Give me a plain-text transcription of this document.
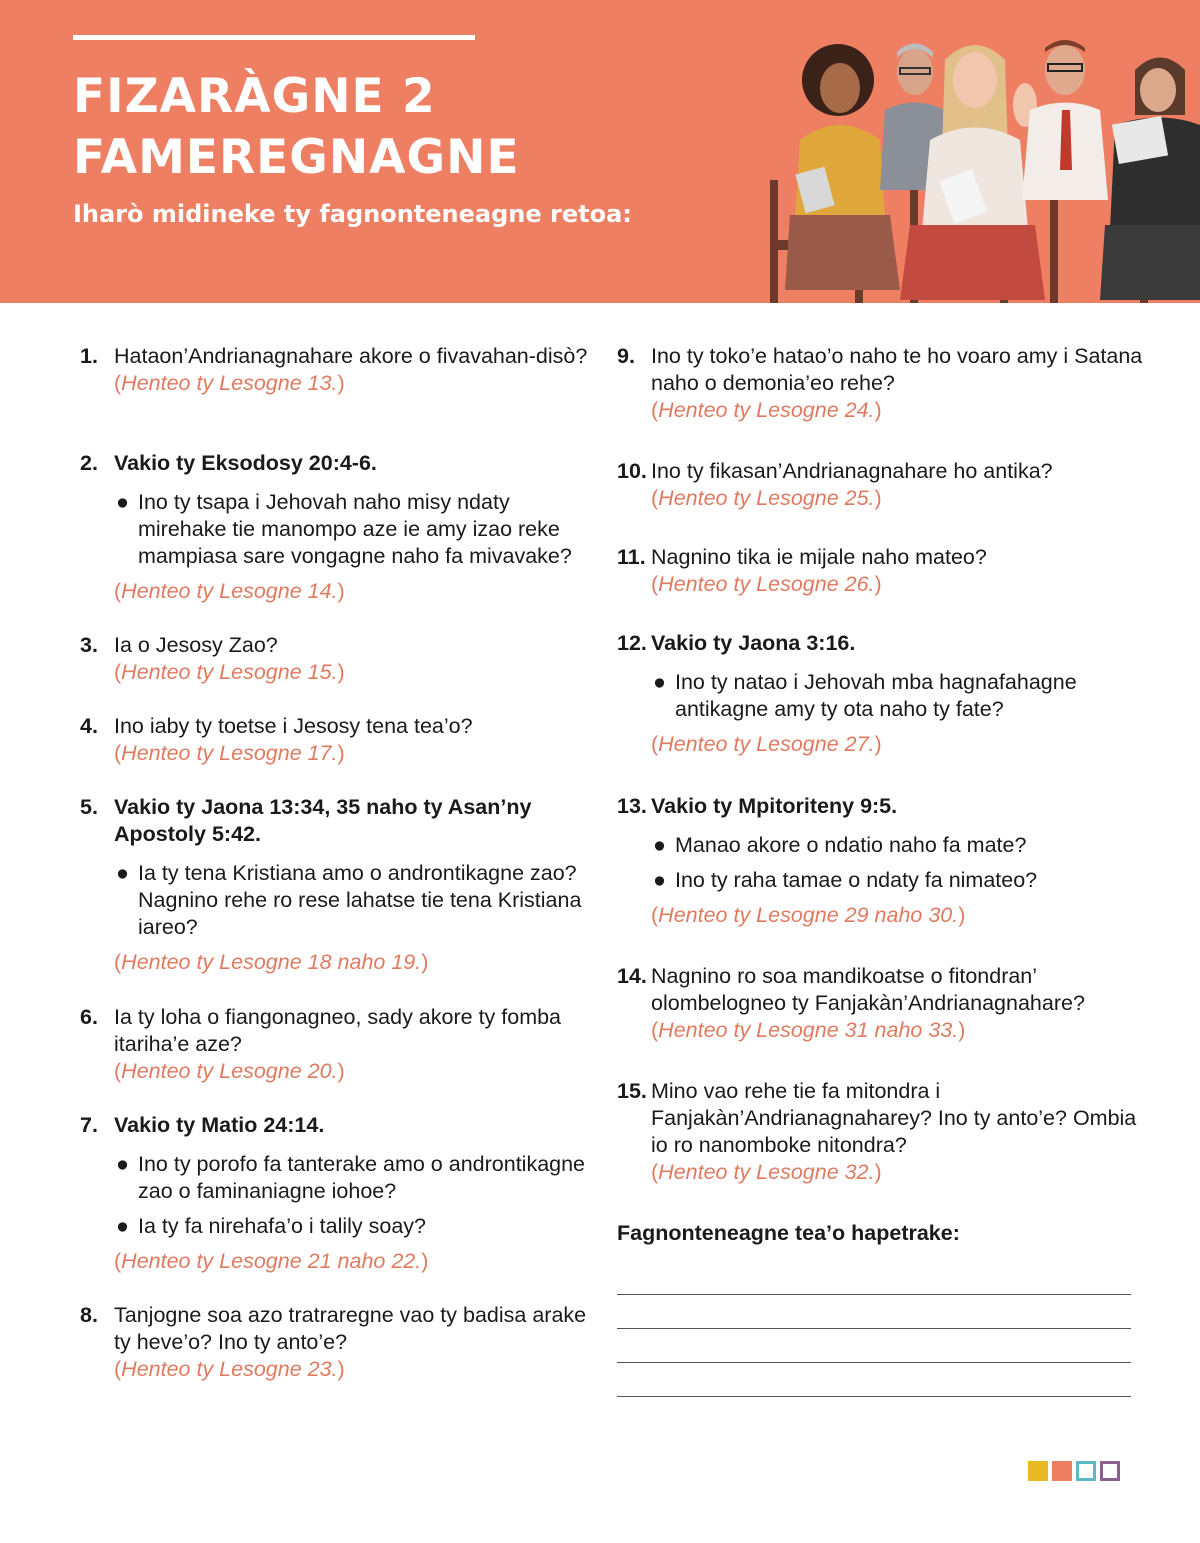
FIZARÀGNE 2
FAMEREGNAGNE

Iharò midineke ty fagnonteneagne retoa:

1. Hataon’Andrianagnahare akore o fivavahan-disò?
(Henteo ty Lesogne 13.)
2. Vakio ty Eksodosy 20:4-6.
● Ino ty tsapa i Jehovah naho misy ndaty mirehake tie manompo aze ie amy izao reke mampiasa sare vongagne naho fa mivavake?
(Henteo ty Lesogne 14.)
3. Ia o Jesosy Zao?
(Henteo ty Lesogne 15.)
4. Ino iaby ty toetse i Jesosy tena tea’o?
(Henteo ty Lesogne 17.)
5. Vakio ty Jaona 13:34, 35 naho ty Asan’ny Apostoly 5:42.
● Ia ty tena Kristiana amo o androntikagne zao? Nagnino rehe ro rese lahatse tie tena Kristiana iareo?
(Henteo ty Lesogne 18 naho 19.)
6. Ia ty loha o fiangonagneo, sady akore ty fomba itariha’e aze?
(Henteo ty Lesogne 20.)
7. Vakio ty Matio 24:14.
● Ino ty porofo fa tanterake amo o androntikagne zao o faminaniagne iohoe?
● Ia ty fa nirehafa’o i talily soay?
(Henteo ty Lesogne 21 naho 22.)
8. Tanjogne soa azo tratraregne vao ty badisa arake ty heve’o? Ino ty anto’e?
(Henteo ty Lesogne 23.)
9. Ino ty toko’e hatao’o naho te ho voaro amy i Satana naho o demonia’eo rehe?
(Henteo ty Lesogne 24.)
10. Ino ty fikasan’Andrianagnahare ho antika?
(Henteo ty Lesogne 25.)
11. Nagnino tika ie mijale naho mateo?
(Henteo ty Lesogne 26.)
12. Vakio ty Jaona 3:16.
● Ino ty natao i Jehovah mba hagnafahagne antikagne amy ty ota naho ty fate?
(Henteo ty Lesogne 27.)
13. Vakio ty Mpitoriteny 9:5.
● Manao akore o ndatio naho fa mate?
● Ino ty raha tamae o ndaty fa nimateo?
(Henteo ty Lesogne 29 naho 30.)
14. Nagnino ro soa mandikoatse o fitondran’ olombelogneo ty Fanjakàn’Andrianagnahare?
(Henteo ty Lesogne 31 naho 33.)
15. Mino vao rehe tie fa mitondra i Fanjakàn’Andrianagnaharey? Ino ty anto’e? Ombia io ro nanomboke nitondra?
(Henteo ty Lesogne 32.)

Fagnonteneagne tea’o hapetrake:
